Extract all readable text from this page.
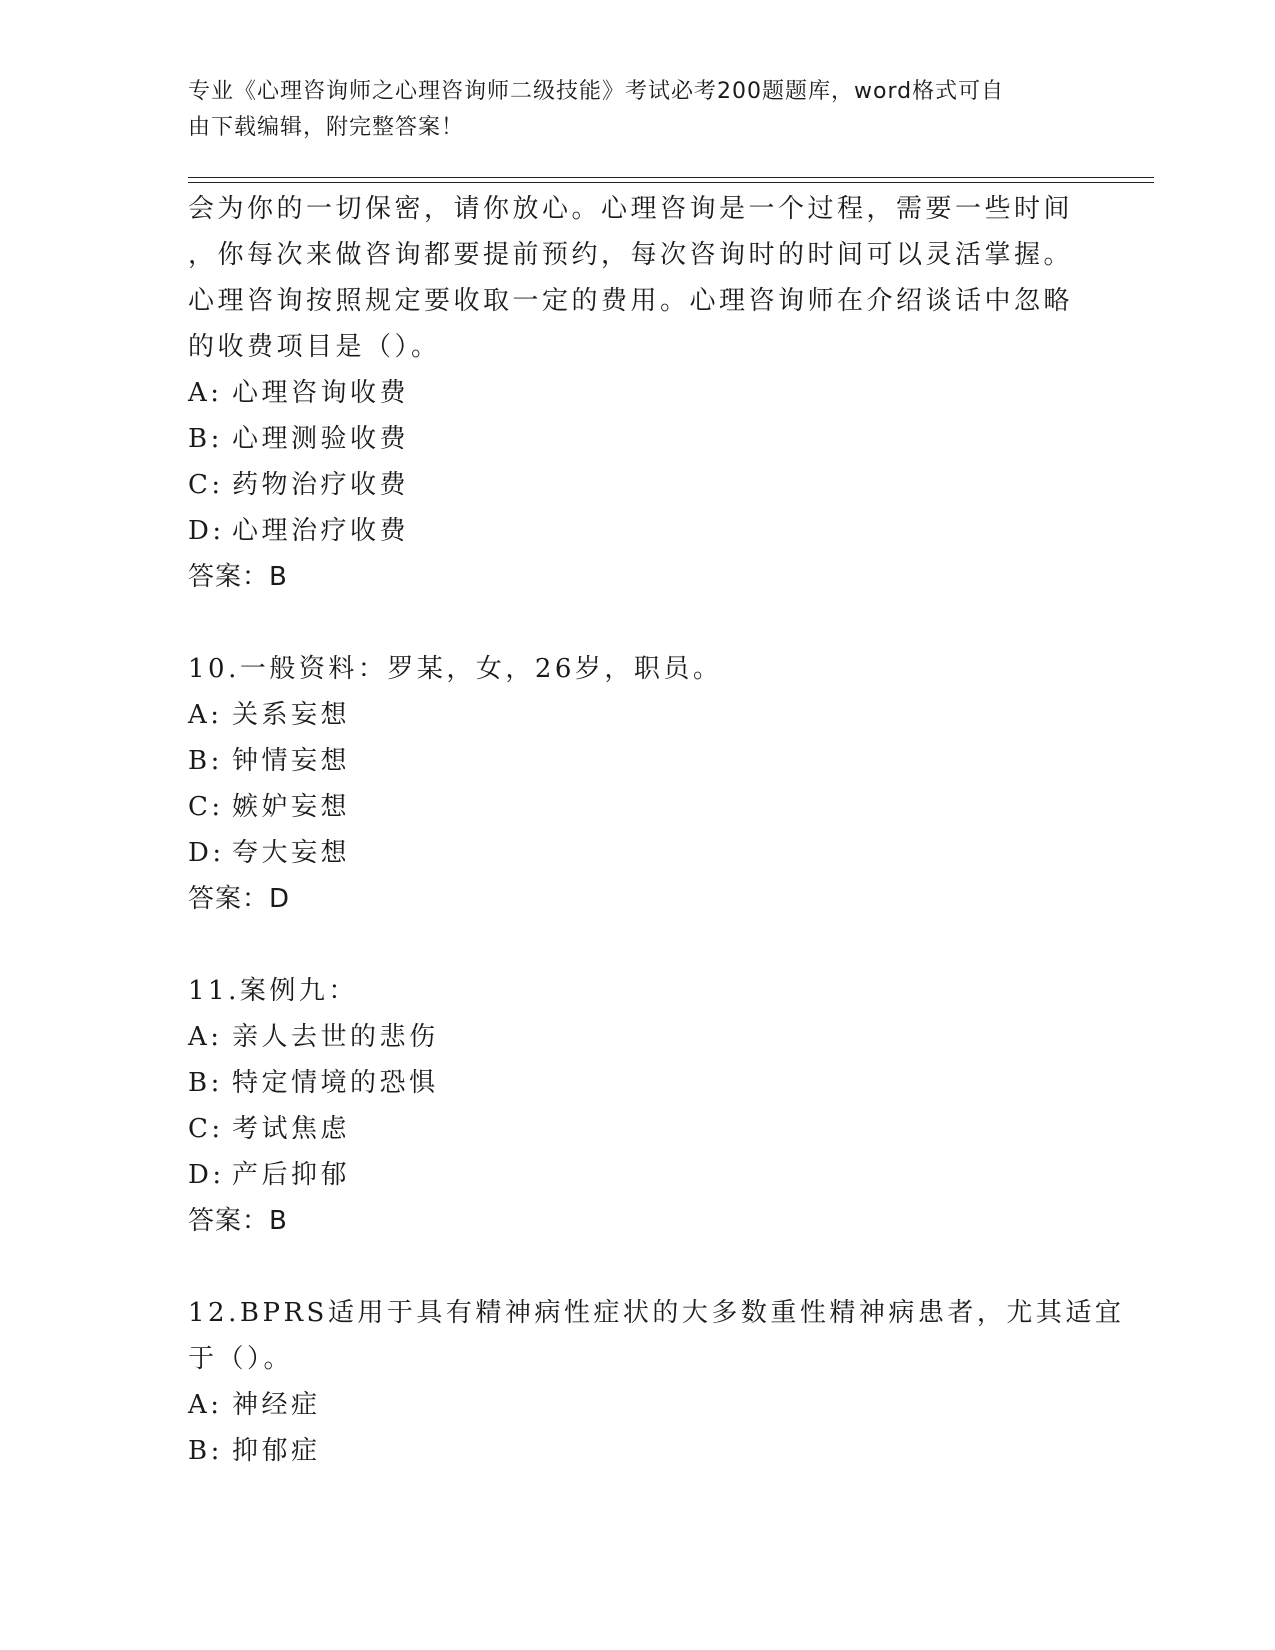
专业《心理咨询师之心理咨询师二级技能》考试必考200题题库，word格式可自
由下载编辑，附完整答案！
会为你的一切保密，请你放心。心理咨询是一个过程，需要一些时间
，你每次来做咨询都要提前预约，每次咨询时的时间可以灵活掌握。
心理咨询按照规定要收取一定的费用。心理咨询师在介绍谈话中忽略
的收费项目是（）。
A: 心理咨询收费
B: 心理测验收费
C: 药物治疗收费
D: 心理治疗收费
答案：B
10.一般资料：罗某，女，26岁，职员。
A: 关系妄想
B: 钟情妄想
C: 嫉妒妄想
D: 夸大妄想
答案：D
11.案例九：
A: 亲人去世的悲伤
B: 特定情境的恐惧
C: 考试焦虑
D: 产后抑郁
答案：B
12.BPRS适用于具有精神病性症状的大多数重性精神病患者，尤其适宜
于（）。
A: 神经症
B: 抑郁症
